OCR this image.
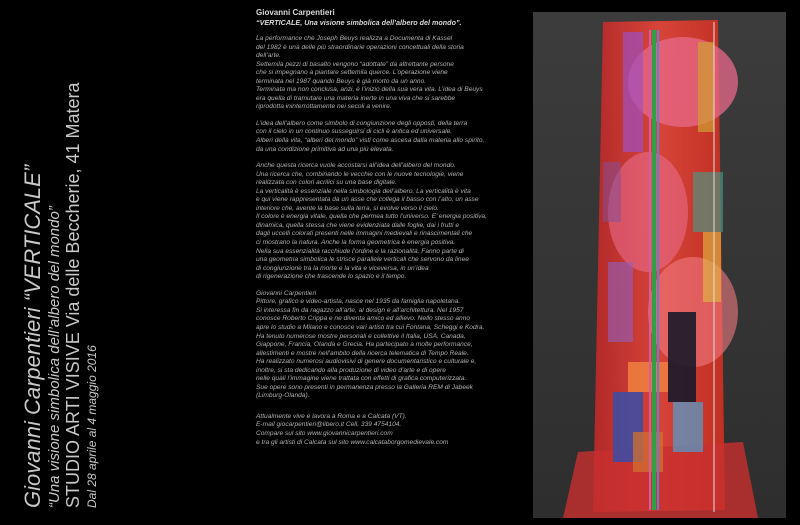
Giovanni Carpentieri “VERTICALE” “Una visione simbolica dell’albero del mondo” STUDIO ARTI VISIVE Via delle Beccherie, 41 Matera Dal 28 aprile al 4 maggio 2016

Giovanni Carpentieri

“VERTICALE, Una visione simbolica dell’albero del mondo”.

La performance che Joseph Beuys realizza a Documenta di Kassel

del 1982 è una delle più straordinarie operazioni concettuali della storia

dell’arte.

Settemila pezzi di basalto vengono “adottate” da altrettante persone

che si impegnano a piantare settemila querce. L’operazione viene

terminata nel 1987 quando Beuys è già morto da un anno.

Terminata ma non conclusa, anzi, è l’inizio della sua vera vita. L’idea di Beuys

era quella di tramutare una materia inerte in una viva che si sarebbe

riprodotta ininterrottamente nei secoli a venire.

L’idea dell’albero come simbolo di congiunzione degli opposti, della terra

con il cielo in un continuo susseguirsi di cicli è antica ed universale.

Alberi della vita, “alberi del mondo” visti come ascesa dalla materia allo spirito,

da una condizione primitiva ad una più elevata.

Anche questa ricerca vuole accostarsi all’idea dell’albero del mondo.

Una ricerca che, combinando le vecchie con le nuove tecnologie, viene

realizzata con colori acrilici su una base digitale.

La verticalità è essenziale nella simbologia dell’albero. La verticalità è vita

e qui viene rappresentata da un asse che collega il basso con l’alto, un asse

interiore che, avente la base sulla terra, si evolve verso il cielo.

Il colore è energia vitale, quella che permea tutto l’universo. E’ energia positiva,

dinamica, quella stessa che viene evidenziata dalle foglie, dai i frutti e

dagli uccelli colorati presenti nelle immagini medievali e rinascimentali che

ci mostrano la natura. Anche la forma geometrica è energia positiva.

Nella sua essenzialità racchiude l’ordine e la razionalità. Fanno parte di

una geometria simbolica le strisce parallele verticali che servono da linee

di congiunzione tra la morte e la vita e viceversa, in un’idea

di rigenerazione che trascende lo spazio e il tempo.

Giovanni Carpentieri

Pittore, grafico e video-artista, nasce nel 1935 da famiglia napoletana.

Si interessa fin da ragazzo all’arte, al design e all’architettura. Nel 1957

conosce Roberto Crippa e ne diventa amico ed allievo. Nello stesso anno

apre lo studio a Milano e conosce vari artisti tra cui Fontana, Scheggi e Kodra.

Ha tenuto numerose mostre personali e collettive il Italia, USA, Canada,

Giappone, Francia, Olanda e Grecia. Ha partecipato a molte performance,

allestimenti e mostre nell’ambito della ricerca telematica di Tempo Reale.

Ha realizzato numerosi audiovisivi di genere documentaristico e culturale e,

inoltre, si sta dedicando alla produzione di video d’arte e di opere

nelle quali l’immagine viene trattata con effetti di grafica computerizzata.

Sue opere sono presenti in permanenza presso la Galleria REM di Jabeek

(Limburg-Olanda).

Attualmente vive e lavora a Roma e a Calcata (VT).

E-mail giocarpentieri@libero.it Cell. 339 4754104.

Compare sul sito www.giovannicarpentieri.com

e tra gli artisti di Calcata sul sito www.calcataborgomedievale.com
